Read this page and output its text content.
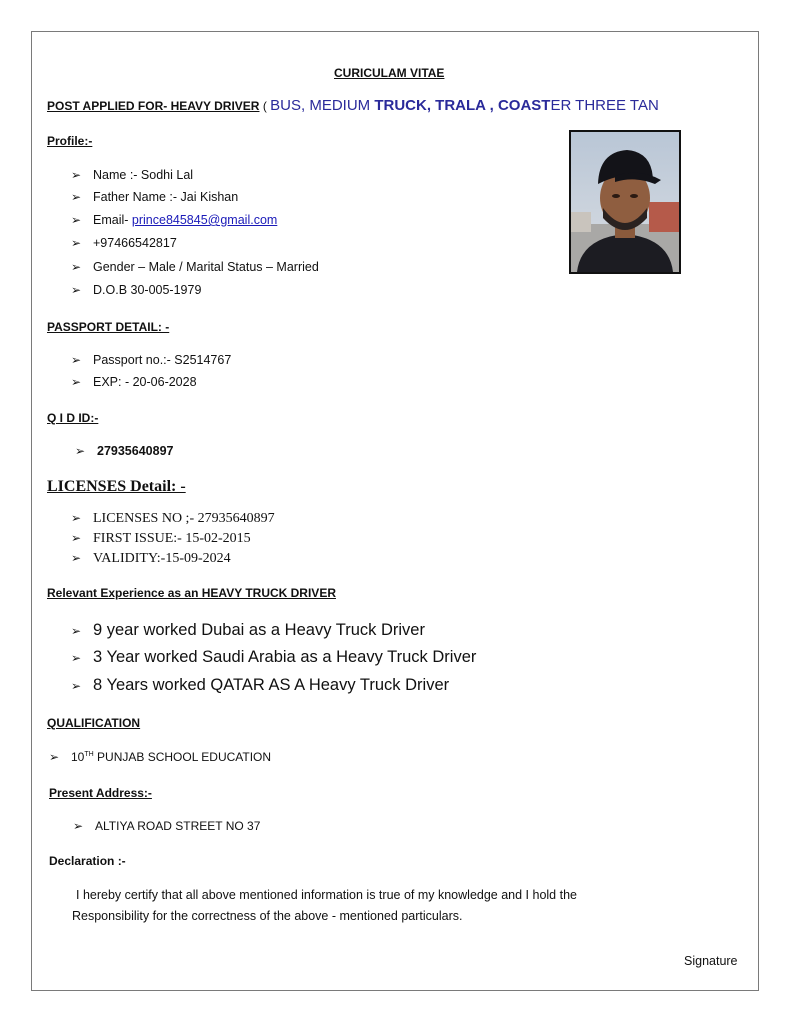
CURICULAM VITAE
POST APPLIED FOR- HEAVY DRIVER ( BUS, MEDIUM TRUCK, TRALA , COASTER THREE TAN
Profile:-
➢ Name :- Sodhi Lal
➢ Father Name :- Jai Kishan
➢ Email- prince845845@gmail.com
➢ +97466542817
➢ Gender – Male / Marital Status – Married
➢ D.O.B 30-005-1979
PASSPORT DETAIL: -
➢ Passport no.:- S2514767
➢ EXP: - 20-06-2028
Q I D ID:-
➢ 27935640897
LICENSES Detail: -
➢ LICENSES NO ;- 27935640897
➢ FIRST ISSUE:- 15-02-2015
➢ VALIDITY:-15-09-2024
Relevant Experience as an HEAVY TRUCK DRIVER
➢ 9 year worked Dubai as a Heavy Truck Driver
➢ 3 Year worked Saudi Arabia as a Heavy Truck Driver
➢ 8 Years worked QATAR AS A Heavy Truck Driver
QUALIFICATION
➢ 10TH PUNJAB SCHOOL EDUCATION
Present Address:-
➢ ALTIYA ROAD STREET NO 37
Declaration :-
I hereby certify that all above mentioned information is true of my knowledge and I hold the
Responsibility for the correctness of the above - mentioned particulars.
Signature
